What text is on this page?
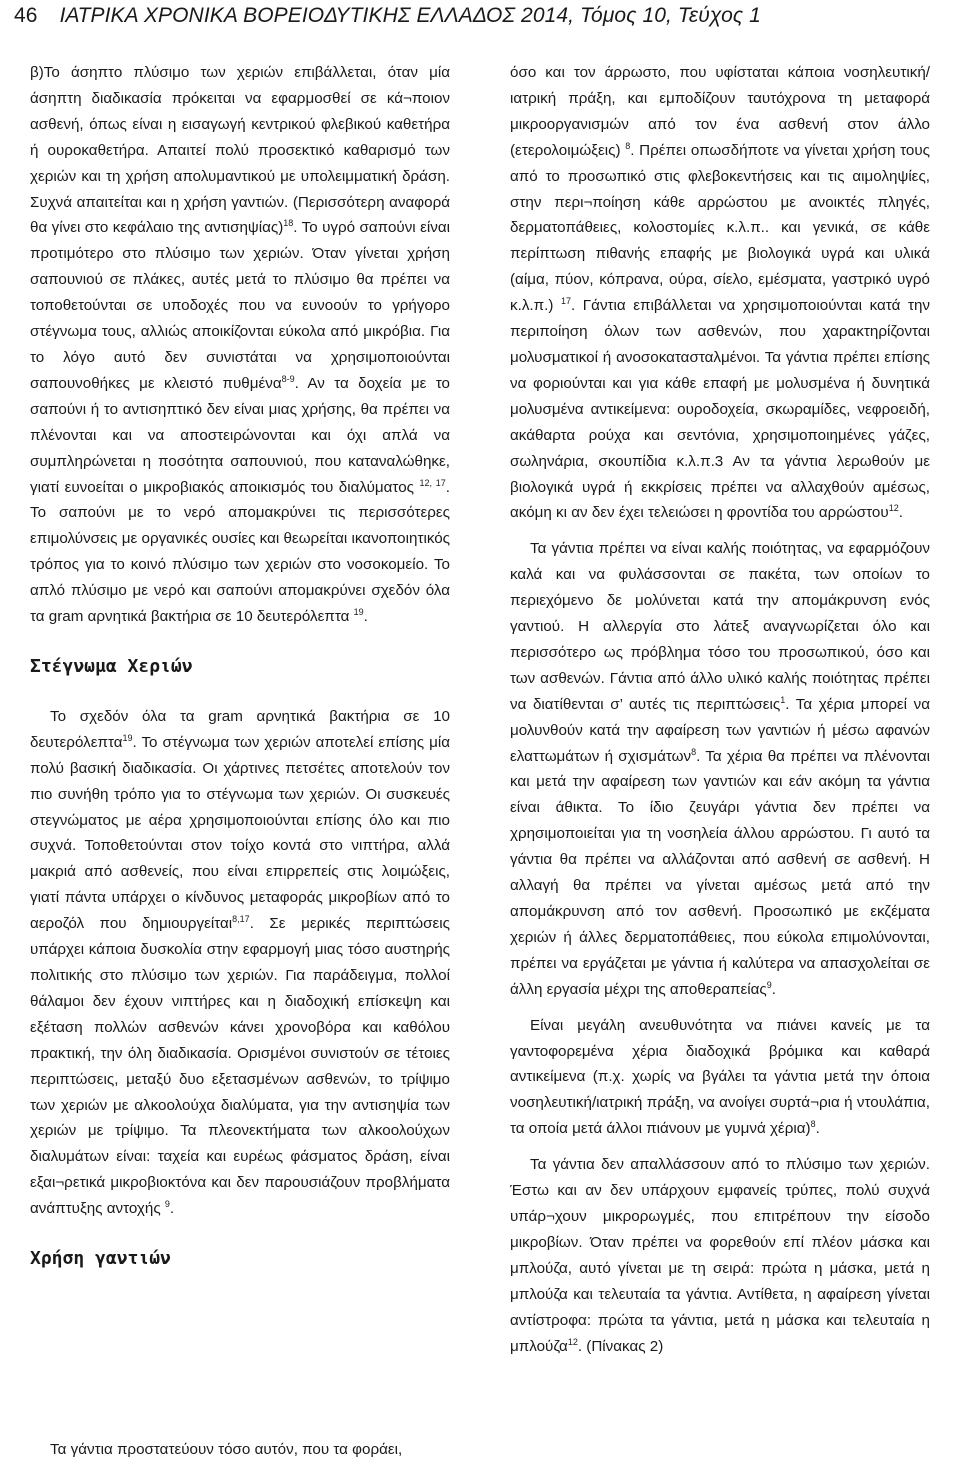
46 ΙΑΤΡΙΚΑ ΧΡΟΝΙΚΑ ΒΟΡΕΙΟΔΥΤΙΚΗΣ ΕΛΛΑΔΟΣ 2014, Τόμος 10, Τεύχος 1

β)Το άσηπτο πλύσιμο των χεριών επιβάλλεται, όταν μία άσηπτη διαδικασία πρόκειται να εφαρμοσθεί σε κά¬ποιον ασθενή, όπως είναι η εισαγωγή κεντρικού φλεβικού καθετήρα ή ουροκαθετήρα. Απαιτεί πολύ προσεκτικό καθαρισμό των χεριών και τη χρήση απολυμαντικού με υπολειμματική δράση. Συχνά απαιτείται και η χρήση γαντιών. (Περισσότερη αναφορά θα γίνει στο κεφάλαιο της αντισηψίας)$^{18}$. Το υγρό σαπούνι είναι προτιμότερο στο πλύσιμο των χεριών. Όταν γίνεται χρήση σαπουνιού σε πλάκες, αυτές μετά το πλύσιμο θα πρέπει να τοποθετούνται σε υποδοχές που να ευνοούν το γρήγορο στέγνωμα τους, αλλιώς αποικίζονται εύκολα από μικρόβια. Για το λόγο αυτό δεν συνιστάται να χρησιμοποιούνται σαπουνοθήκες με κλειστό πυθμένα$^{8-9}$. Αν τα δοχεία με το σαπούνι ή το αντισηπτικό δεν είναι μιας χρήσης, θα πρέπει να πλένονται και να αποστειρώνονται και όχι απλά να συμπληρώνεται η ποσότητα σαπουνιού, που καταναλώθηκε, γιατί ευνοείται ο μικροβιακός αποικισμός του διαλύματος $^{12, 17}$. Το σαπούνι με το νερό απομακρύνει τις περισσότερες επιμολύνσεις με οργανικές ουσίες και θεωρείται ικανοποιητικός τρόπος για το κοινό πλύσιμο των χεριών στο νοσοκομείο. Το απλό πλύσιμο με νερό και σαπούνι απομακρύνει σχεδόν όλα τα gram αρνητικά βακτήρια σε 10 δευτερόλεπτα $^{19}$.

Στέγνωμα Χεριών

Το σχεδόν όλα τα gram αρνητικά βακτήρια σε 10 δευτερόλεπτα$^{19}$. Το στέγνωμα των χεριών αποτελεί επίσης μία πολύ βασική διαδικασία. Οι χάρτινες πετσέτες αποτελούν τον πιο συνήθη τρόπο για το στέγνωμα των χεριών. Οι συσκευές στεγνώματος με αέρα χρησιμοποιούνται επίσης όλο και πιο συχνά. Τοποθετούνται στον τοίχο κοντά στο νιπτήρα, αλλά μακριά από ασθενείς, που είναι επιρρεπείς στις λοιμώξεις, γιατί πάντα υπάρχει ο κίνδυνος μεταφοράς μικροβίων από το αεροζόλ που δημιουργείται$^{8,17}$. Σε μερικές περιπτώσεις υπάρχει κάποια δυσκολία στην εφαρμογή μιας τόσο αυστηρής πολιτικής στο πλύσιμο των χεριών. Για παράδειγμα, πολλοί θάλαμοι δεν έχουν νιπτήρες και η διαδοχική επίσκεψη και εξέταση πολλών ασθενών κάνει χρονοβόρα και καθόλου πρακτική, την όλη διαδικασία. Ορισμένοι συνιστούν σε τέτοιες περιπτώσεις, μεταξύ δυο εξετασμένων ασθενών, το τρίψιμο των χεριών με αλκοολούχα διαλύματα, για την αντισηψία των χεριών με τρίψιμο. Τα πλεονεκτήματα των αλκοολούχων διαλυμάτων είναι: ταχεία και ευρέως φάσματος δράση, είναι εξαι¬ρετικά μικροβιοκτόνα και δεν παρουσιάζουν προβλήματα ανάπτυξης αντοχής $^9$.

Χρήση γαντιών
Τα γάντια προστατεύουν τόσο αυτόν, που τα φοράει,

όσο και τον άρρωστο, που υφίσταται κάποια νοσηλευτική/ιατρική πράξη, και εμποδίζουν ταυτόχρονα τη μεταφορά μικροοργανισμών από τον ένα ασθενή στον άλλο (ετερολοιμώξεις) $^8$. Πρέπει οπωσδήποτε να γίνεται χρήση τους από το προσωπικό στις φλεβοκεντήσεις και τις αιμοληψίες, στην περι¬ποίηση κάθε αρρώστου με ανοικτές πληγές, δερματοπάθειες, κολοστομίες κ.λ.π.. και γενικά, σε κάθε περίπτωση πιθανής επαφής με βιολογικά υγρά και υλικά (αίμα, πύον, κόπρανα, ούρα, σίελο, εμέσματα, γαστρικό υγρό κ.λ.π.) $^{17}$. Γάντια επιβάλλεται να χρησιμοποιούνται κατά την περιποίηση όλων των ασθενών, που χαρακτηρίζονται μολυσματικοί ή ανοσοκατασταλμένοι. Τα γάντια πρέπει επίσης να φοριούνται και για κάθε επαφή με μολυσμένα ή δυνητικά μολυσμένα αντικείμενα: ουροδοχεία, σκωραμίδες, νεφροειδή, ακάθαρτα ρούχα και σεντόνια, χρησιμοποιημένες γάζες, σωληνάρια, σκουπίδια κ.λ.π.3 Αν τα γάντια λερωθούν με βιολογικά υγρά ή εκκρίσεις πρέπει να αλλαχθούν αμέσως, ακόμη κι αν δεν έχει τελειώσει η φροντίδα του αρρώστου$^{12}$.

Τα γάντια πρέπει να είναι καλής ποιότητας, να εφαρμόζουν καλά και να φυλάσσονται σε πακέτα, των οποίων το περιεχόμενο δε μολύνεται κατά την απομάκρυνση ενός γαντιού. Η αλλεργία στο λάτεξ αναγνωρίζεται όλο και περισσότερο ως πρόβλημα τόσο του προσωπικού, όσο και των ασθενών. Γάντια από άλλο υλικό καλής ποιότητας πρέπει να διατίθενται σ’ αυτές τις περιπτώσεις$^1$. Τα χέρια μπορεί να μολυνθούν κατά την αφαίρεση των γαντιών ή μέσω αφανών ελαττωμάτων ή σχισμάτων$^8$. Τα χέρια θα πρέπει να πλένονται και μετά την αφαίρεση των γαντιών και εάν ακόμη τα γάντια είναι άθικτα. Το ίδιο ζευγάρι γάντια δεν πρέπει να χρησιμοποιείται για τη νοσηλεία άλλου αρρώστου. Γι αυτό τα γάντια θα πρέπει να αλλάζονται από ασθενή σε ασθενή. Η αλλαγή θα πρέπει να γίνεται αμέσως μετά από την απομάκρυνση από τον ασθενή. Προσωπικό με εκζέματα χεριών ή άλλες δερματοπάθειες, που εύκολα επιμολύνονται, πρέπει να εργάζεται με γάντια ή καλύτερα να απασχολείται σε άλλη εργασία μέχρι της αποθεραπείας$^9$.

Είναι μεγάλη ανευθυνότητα να πιάνει κανείς με τα γαντοφορεμένα χέρια διαδοχικά βρόμικα και καθαρά αντικείμενα (π.χ. χωρίς να βγάλει τα γάντια μετά την όποια νοσηλευτική/ιατρική πράξη, να ανοίγει συρτά¬ρια ή ντουλάπια, τα οποία μετά άλλοι πιάνουν με γυμνά χέρια)$^8$.

Τα γάντια δεν απαλλάσσουν από το πλύσιμο των χεριών. Έστω και αν δεν υπάρχουν εμφανείς τρύπες, πολύ συχνά υπάρ¬χουν μικρορωγμές, που επιτρέπουν την είσοδο μικροβίων. Όταν πρέπει να φορεθούν επί πλέον μάσκα και μπλούζα, αυτό γίνεται με τη σειρά: πρώτα η μάσκα, μετά η μπλούζα και τελευταία τα γάντια. Αντίθετα, η αφαίρεση γίνεται αντίστροφα: πρώτα τα γάντια, μετά η μάσκα και τελευταία η μπλούζα$^{12}$. (Πίνακας 2)
